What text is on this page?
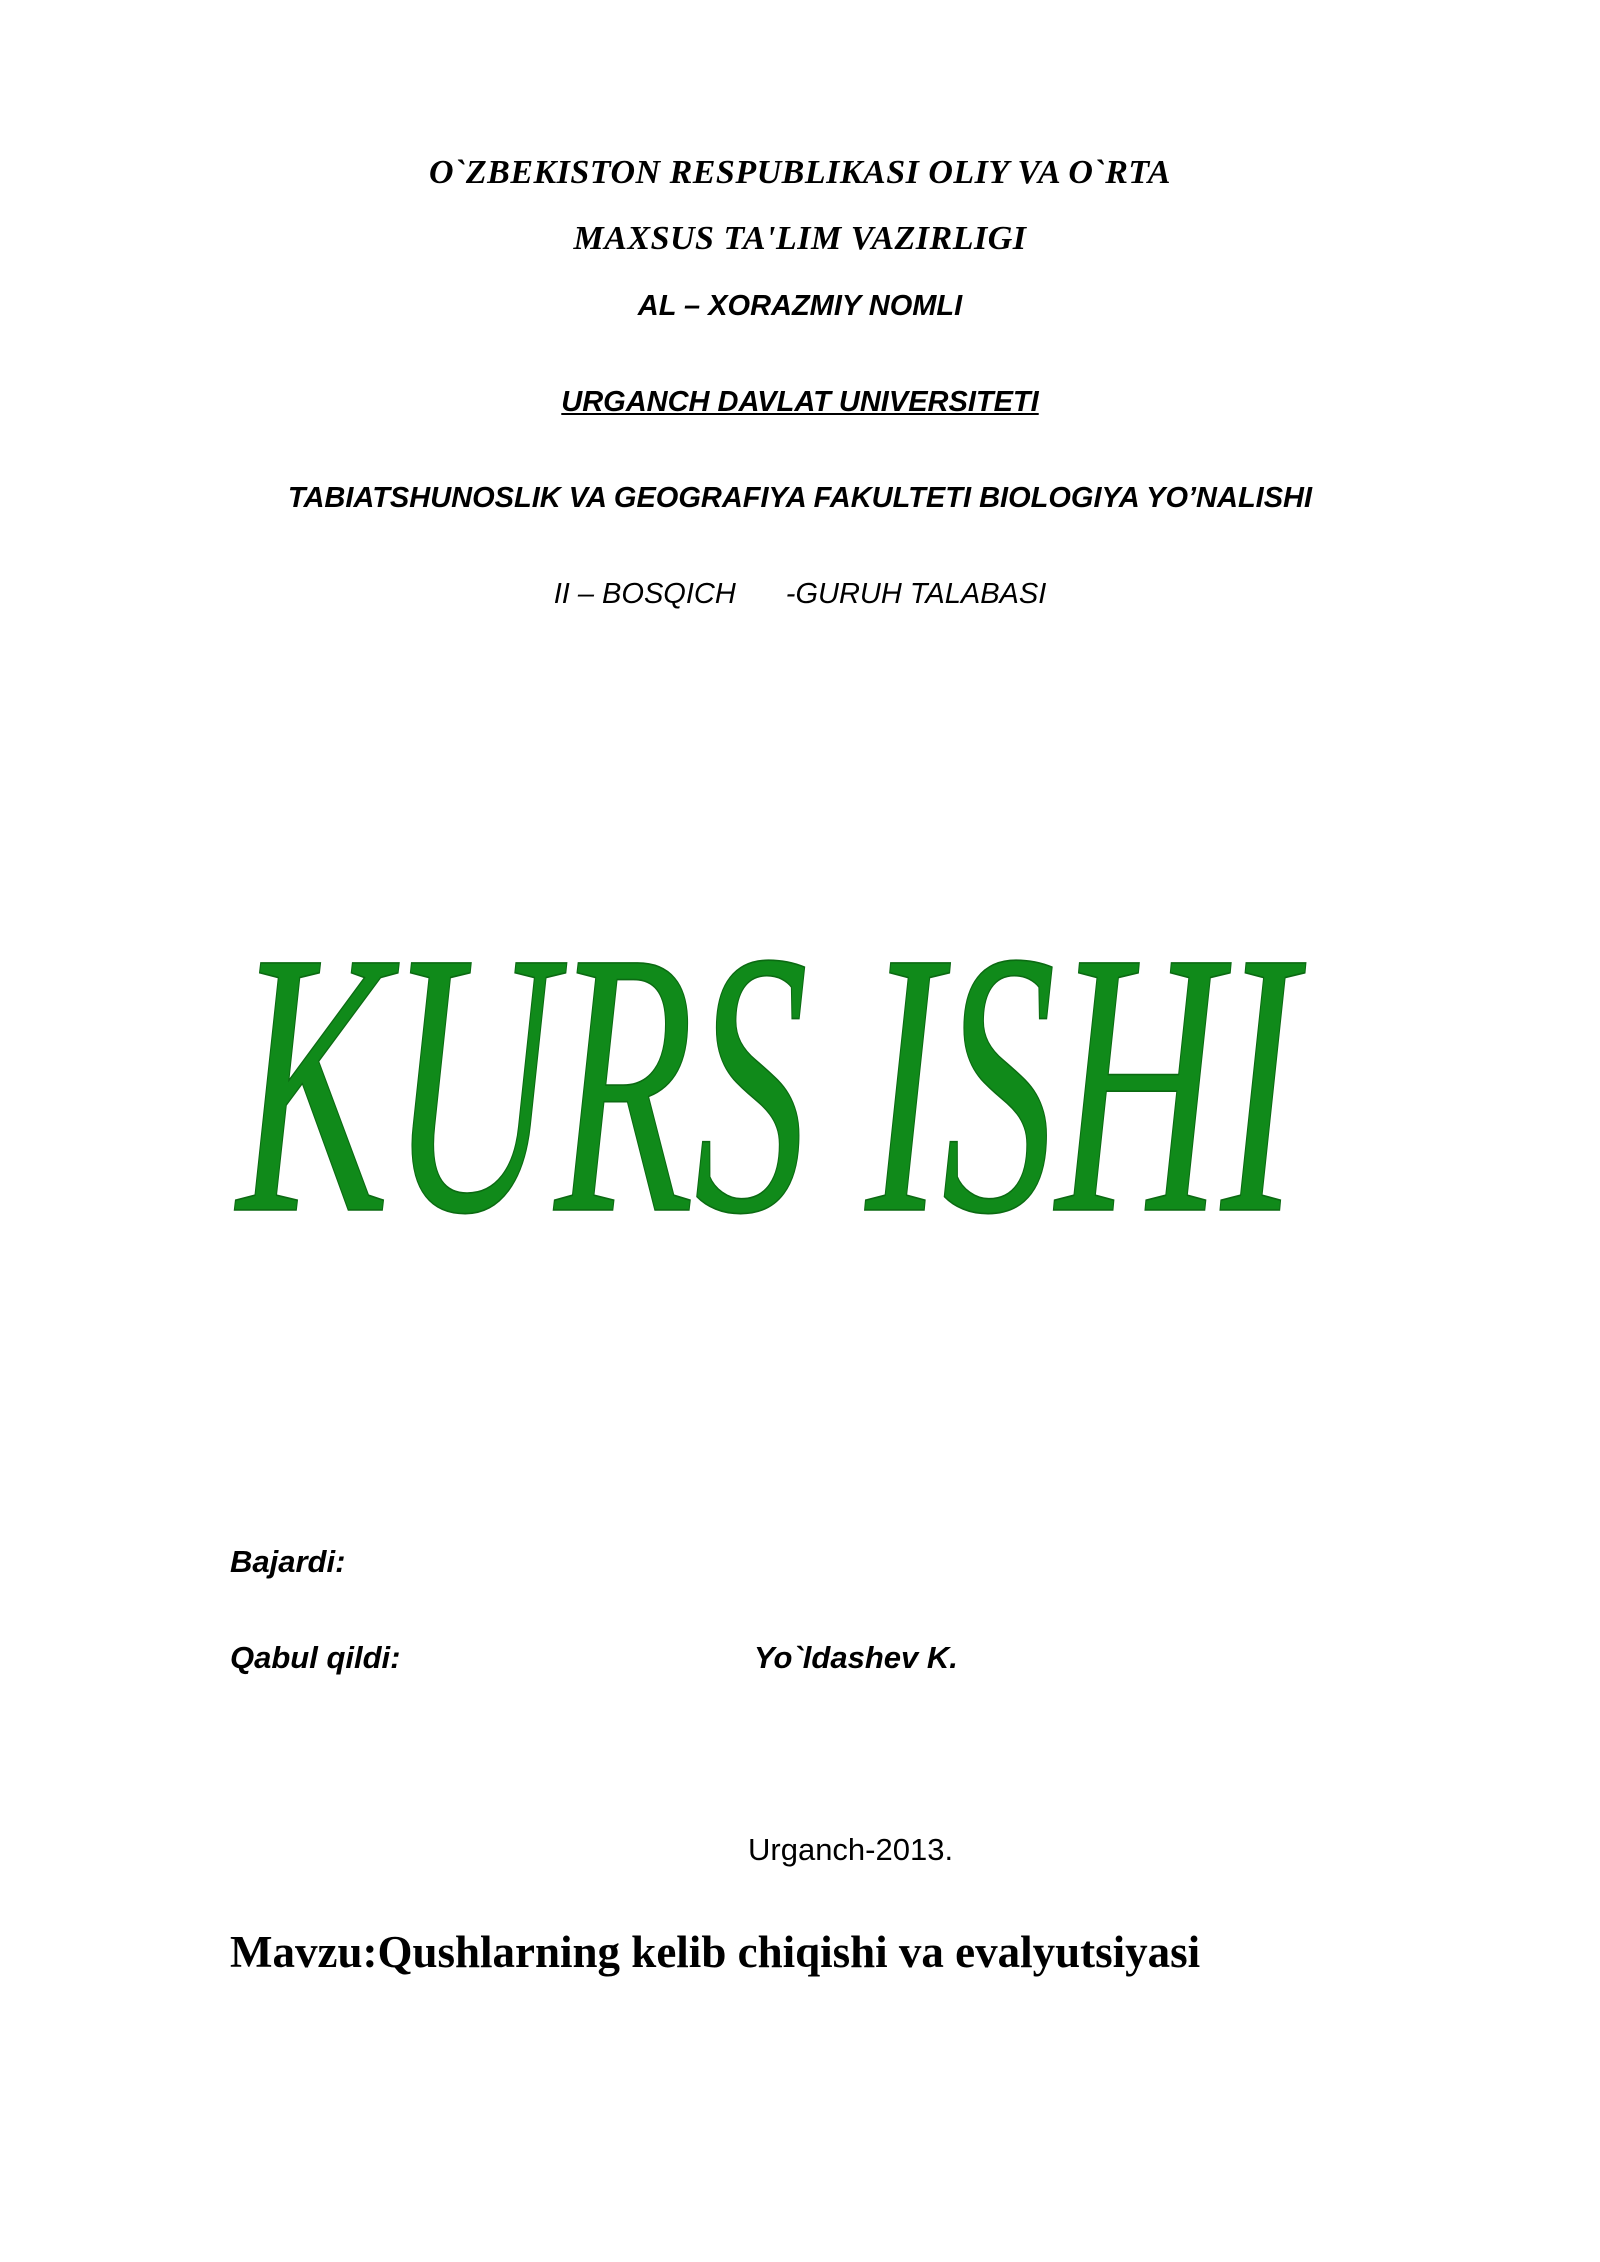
O`ZBEKISTON RESPUBLIKASI OLIY VA O`RTA
MAXSUS TA'LIM VAZIRLIGI
AL – XORAZMIY NOMLI
URGANCH DAVLAT UNIVERSITETI
TABIATSHUNOSLIK VA GEOGRAFIYA FAKULTETI BIOLOGIYA YO’NALISHI
II – BOSQICH -GURUH TALABASI
KURS ISHI
Bajardi:
Qabul qildi:	Yo`ldashev K.
Urganch-2013.
Mavzu:Qushlarning kelib chiqishi va evalyutsiyasi
